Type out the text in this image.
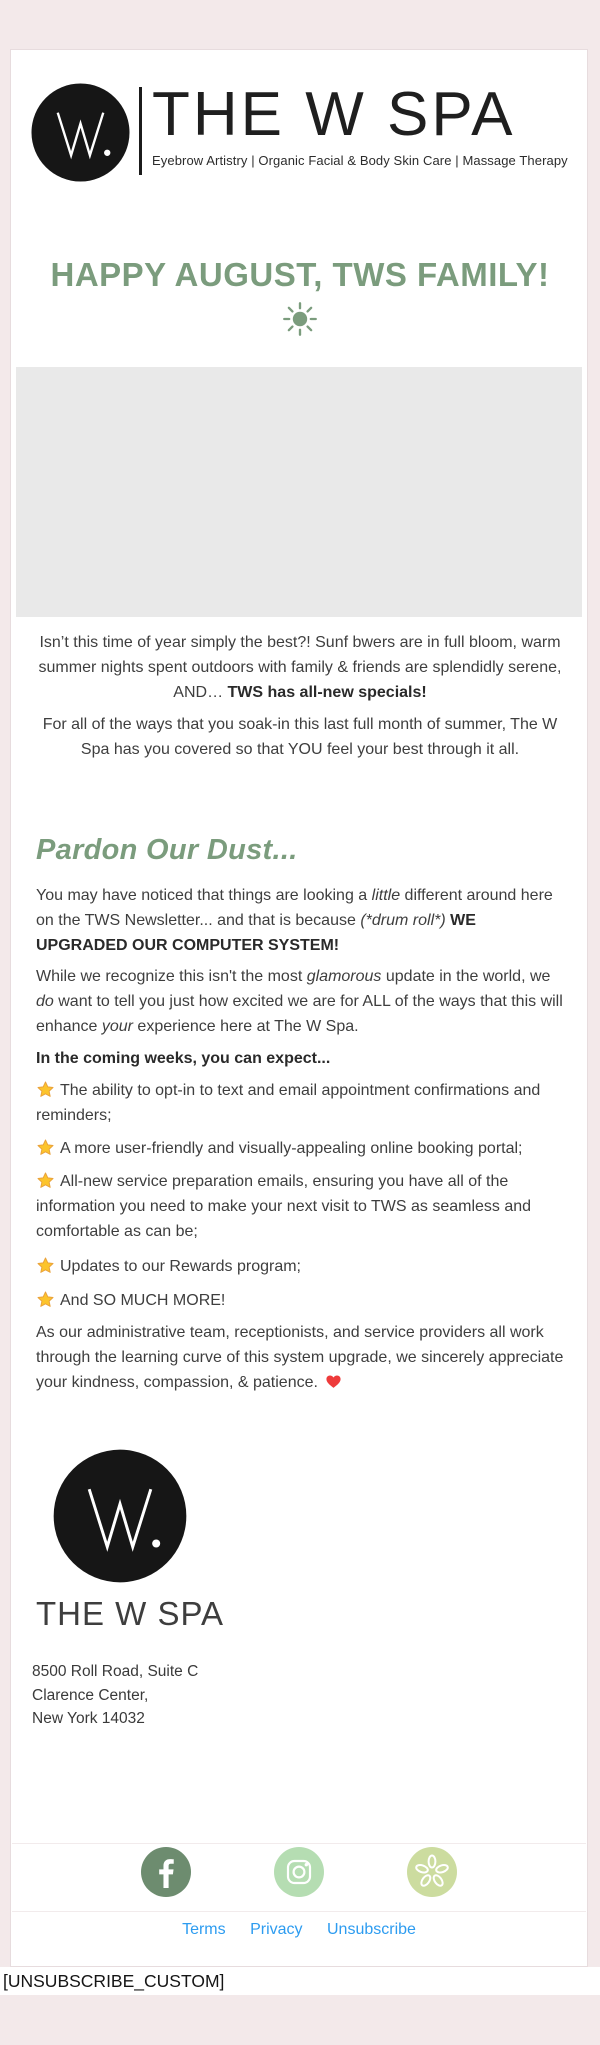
THE W SPA
Eyebrow Artistry | Organic Facial & Body Skin Care | Massage Therapy
HAPPY AUGUST, TWS FAMILY!

Isn’t this time of year simply the best?! Sunf bwers are in full bloom, warm summer nights spent outdoors with family & friends are splendidly serene, AND… TWS has all-new specials!

For all of the ways that you soak-in this last full month of summer, The W Spa has you covered so that YOU feel your best through it all.

Pardon Our Dust...

You may have noticed that things are looking a little different around here on the TWS Newsletter... and that is because (*drum roll*) WE UPGRADED OUR COMPUTER SYSTEM!

While we recognize this isn't the most glamorous update in the world, we do want to tell you just how excited we are for ALL of the ways that this will enhance your experience here at The W Spa.

In the coming weeks, you can expect...

The ability to opt-in to text and email appointment confirmations and reminders;

A more user-friendly and visually-appealing online booking portal;

All-new service preparation emails, ensuring you have all of the information you need to make your next visit to TWS as seamless and comfortable as can be;

Updates to our Rewards program;

And SO MUCH MORE!

As our administrative team, receptionists, and service providers all work through the learning curve of this system upgrade, we sincerely appreciate your kindness, compassion, & patience.

THE W SPA

8500 Roll Road, Suite C
Clarence Center,
New York 14032
Terms Privacy Unsubscribe
[UNSUBSCRIBE_CUSTOM]
